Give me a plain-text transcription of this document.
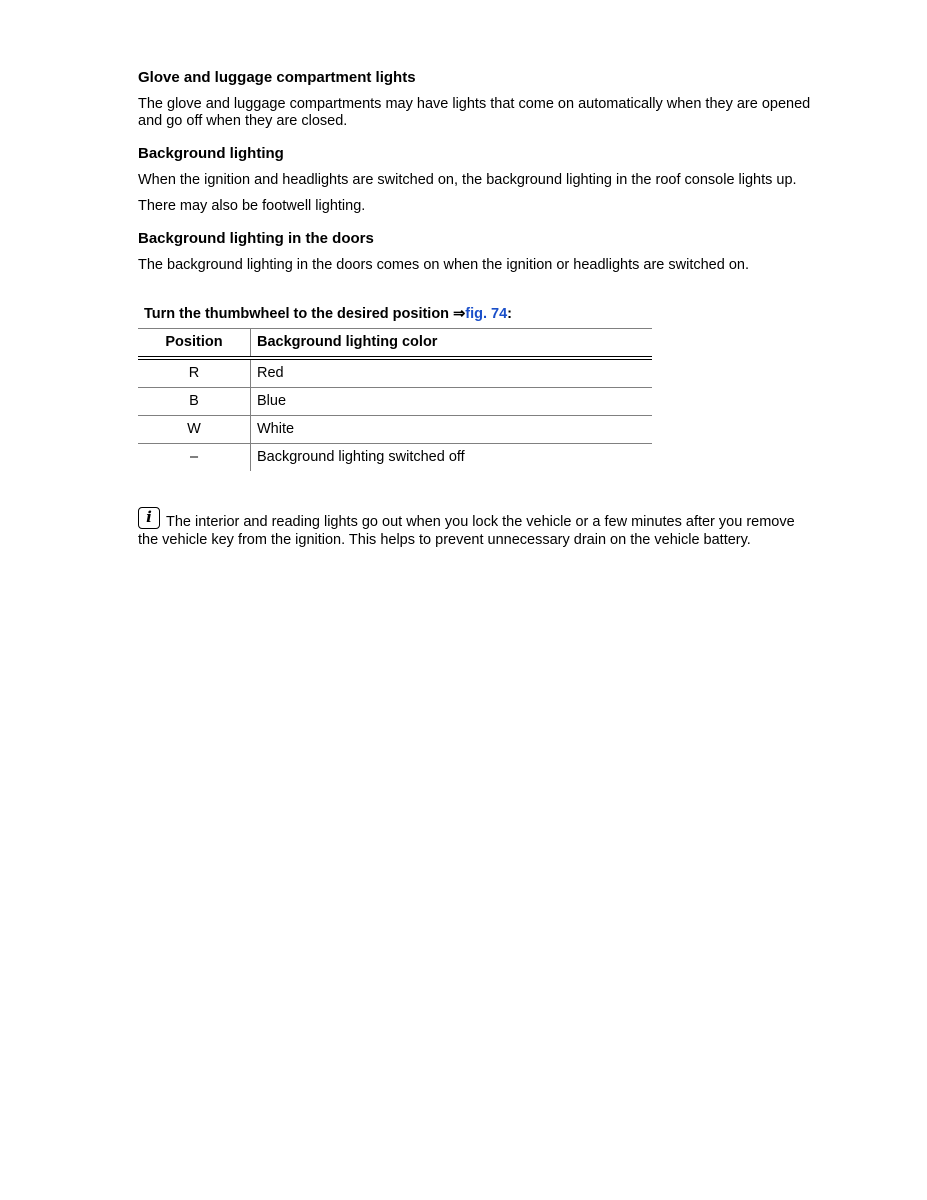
Glove and luggage compartment lights

The glove and luggage compartments may have lights that come on automatically when they are opened and go off when they are closed.

Background lighting

When the ignition and headlights are switched on, the background lighting in the roof console lights up.

There may also be footwell lighting.

Background lighting in the doors

The background lighting in the doors comes on when the ignition or headlights are switched on.

Turn the thumbwheel to the desired position ⇒fig. 74:
Position	Background lighting color
R	Red
B	Blue
W	White
–	Background lighting switched off
i The interior and reading lights go out when you lock the vehicle or a few minutes after you remove the vehicle key from the ignition. This helps to prevent unnecessary drain on the vehicle battery.
